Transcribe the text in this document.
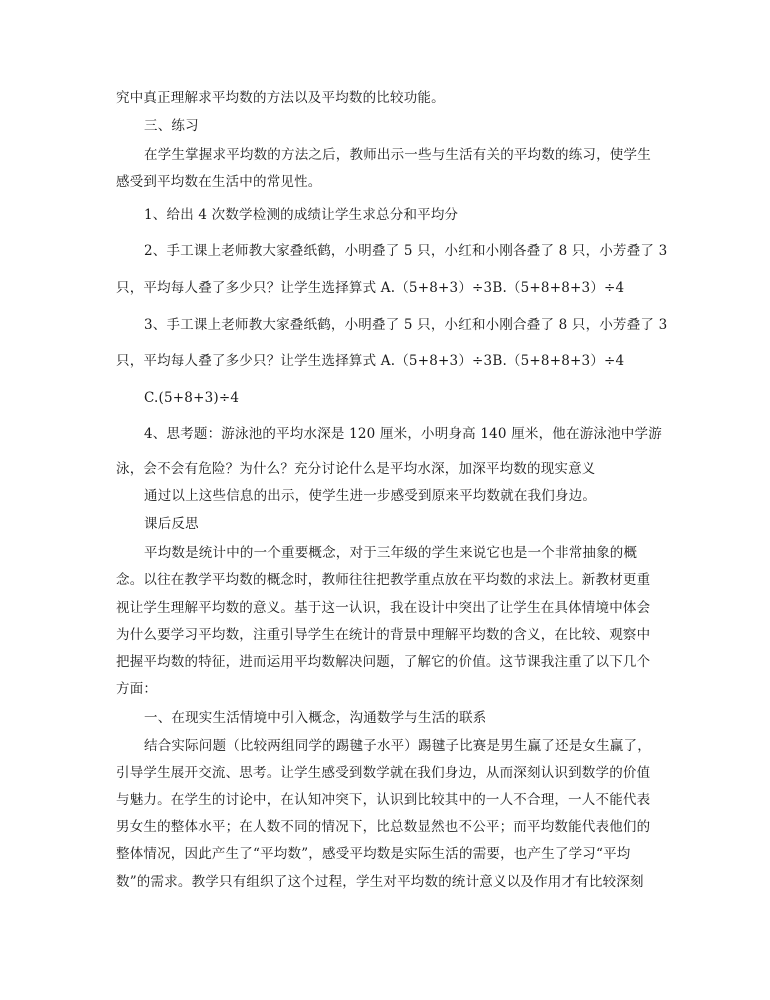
究中真正理解求平均数的方法以及平均数的比较功能。
三、练习
在学生掌握求平均数的方法之后，教师出示一些与生活有关的平均数的练习，使学生
感受到平均数在生活中的常见性。
1、给出 4 次数学检测的成绩让学生求总分和平均分
2、手工课上老师教大家叠纸鹤，小明叠了 5 只，小红和小刚各叠了 8 只，小芳叠了 3
只，平均每人叠了多少只？让学生选择算式 A.（5+8+3）÷3B.（5+8+8+3）÷4
3、手工课上老师教大家叠纸鹤，小明叠了 5 只，小红和小刚合叠了 8 只，小芳叠了 3
只，平均每人叠了多少只？让学生选择算式 A.（5+8+3）÷3B.（5+8+8+3）÷4
C.(5+8+3)÷4
4、思考题：游泳池的平均水深是 120 厘米，小明身高 140 厘米，他在游泳池中学游
泳，会不会有危险？为什么？充分讨论什么是平均水深，加深平均数的现实意义
通过以上这些信息的出示，使学生进一步感受到原来平均数就在我们身边。
课后反思
平均数是统计中的一个重要概念，对于三年级的学生来说它也是一个非常抽象的概
念。以往在教学平均数的概念时，教师往往把教学重点放在平均数的求法上。新教材更重
视让学生理解平均数的意义。基于这一认识，我在设计中突出了让学生在具体情境中体会
为什么要学习平均数，注重引导学生在统计的背景中理解平均数的含义，在比较、观察中
把握平均数的特征，进而运用平均数解决问题，了解它的价值。这节课我注重了以下几个
方面：
一、在现实生活情境中引入概念，沟通数学与生活的联系
结合实际问题（比较两组同学的踢毽子水平）踢毽子比赛是男生赢了还是女生赢了，
引导学生展开交流、思考。让学生感受到数学就在我们身边，从而深刻认识到数学的价值
与魅力。在学生的讨论中，在认知冲突下，认识到比较其中的一人不合理，一人不能代表
男女生的整体水平；在人数不同的情况下，比总数显然也不公平；而平均数能代表他们的
整体情况，因此产生了“平均数”，感受平均数是实际生活的需要，也产生了学习“平均
数”的需求。教学只有组织了这个过程，学生对平均数的统计意义以及作用才有比较深刻
